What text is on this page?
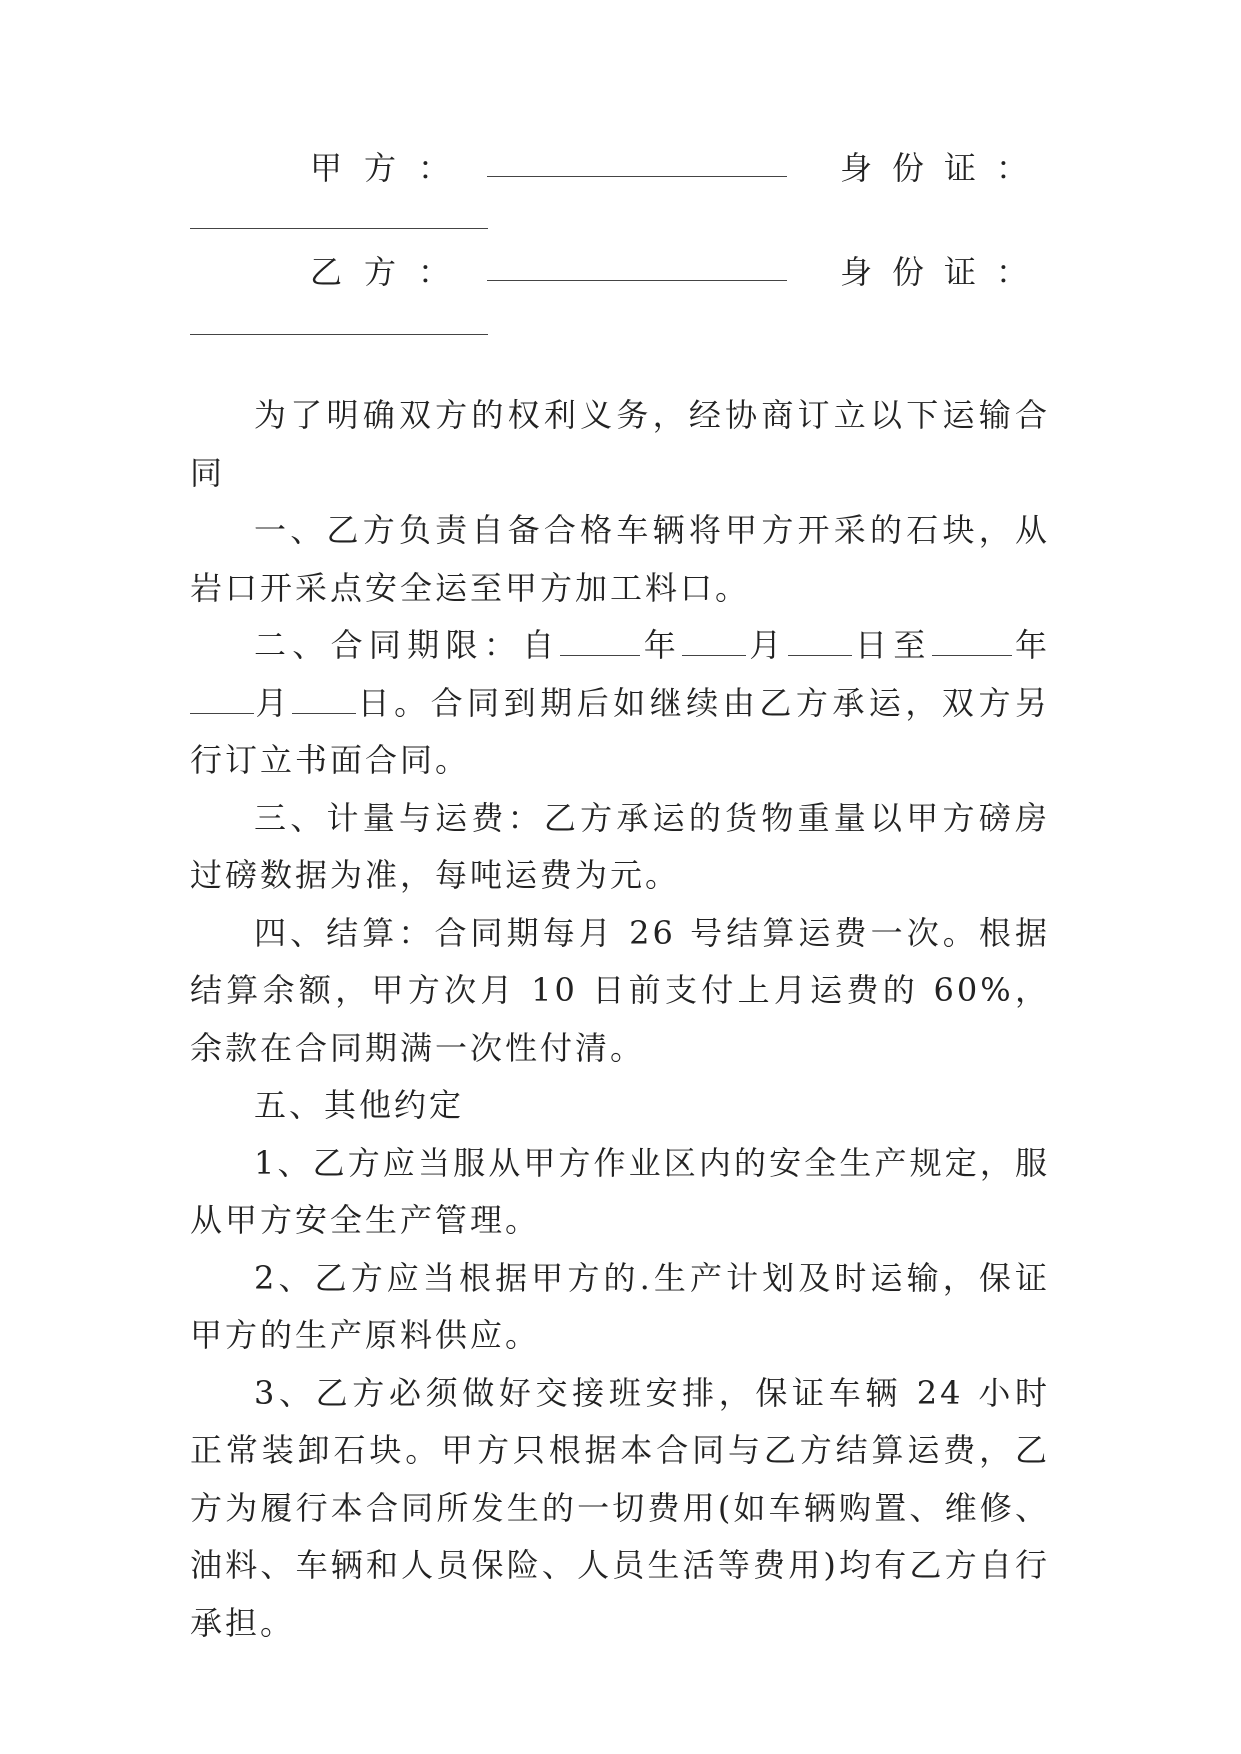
甲方：	身份证：
乙方：	身份证：

为了明确双方的权利义务，经协商订立以下运输合同

一、乙方负责自备合格车辆将甲方开采的石块，从岩口开采点安全运至甲方加工料口。

二、合同期限：自	年 月 日至	年月 日。合同到期后如继续由乙方承运，双方另行订立书面合同。

三、计量与运费：乙方承运的货物重量以甲方磅房过磅数据为准，每吨运费为元。

四、结算：合同期每月 26 号结算运费一次。根据结算余额，甲方次月 10 日前支付上月运费的 60%，余款在合同期满一次性付清。

五、其他约定

1、乙方应当服从甲方作业区内的安全生产规定，服从甲方安全生产管理。

2、乙方应当根据甲方的.生产计划及时运输，保证甲方的生产原料供应。

3、乙方必须做好交接班安排，保证车辆 24 小时正常装卸石块。甲方只根据本合同与乙方结算运费，乙方为履行本合同所发生的一切费用(如车辆购置、维修、油料、车辆和人员保险、人员生活等费用)均有乙方自行承担。
